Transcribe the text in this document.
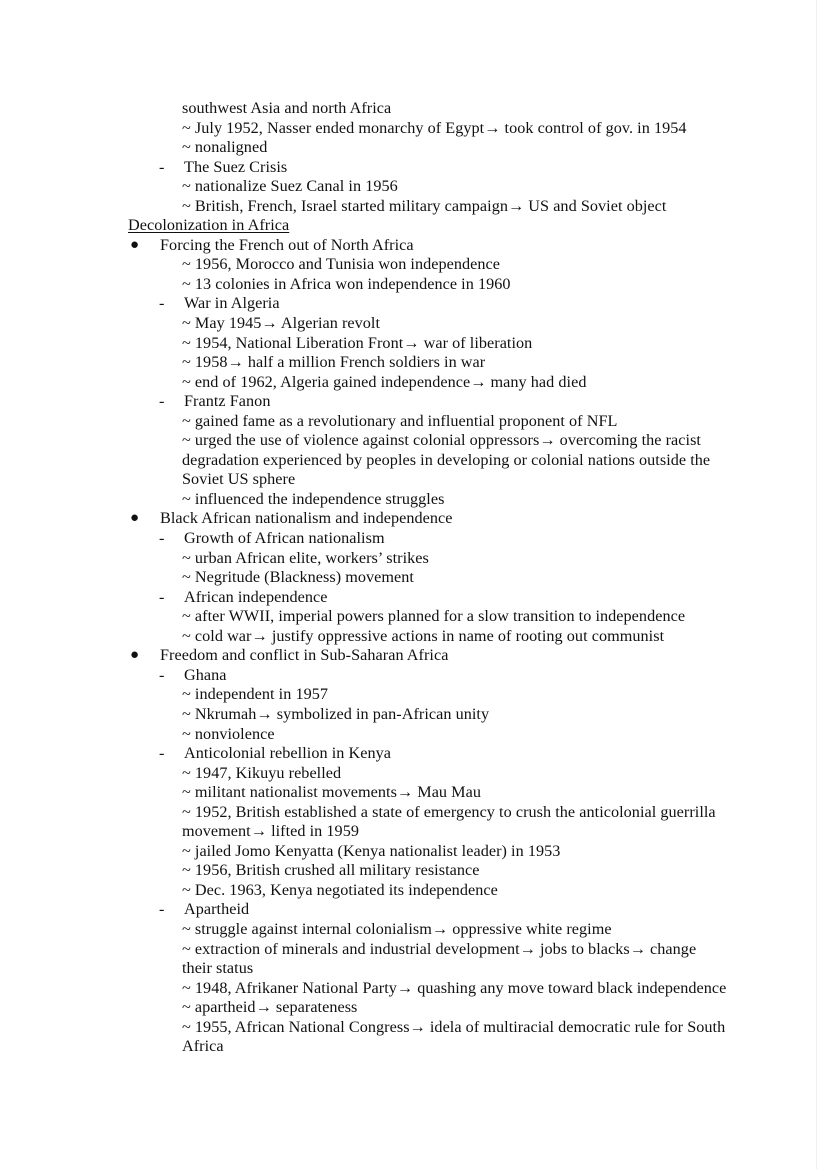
southwest Asia and north Africa
~ July 1952, Nasser ended monarchy of Egypt→ took control of gov. in 1954
~ nonaligned
-	The Suez Crisis
~ nationalize Suez Canal in 1956
~ British, French, Israel started military campaign→ US and Soviet object
Decolonization in Africa
●	Forcing the French out of North Africa
~ 1956, Morocco and Tunisia won independence
~ 13 colonies in Africa won independence in 1960
-	War in Algeria
~ May 1945→ Algerian revolt
~ 1954, National Liberation Front→ war of liberation
~ 1958→ half a million French soldiers in war
~ end of 1962, Algeria gained independence→ many had died
-	Frantz Fanon
~ gained fame as a revolutionary and influential proponent of NFL
~ urged the use of violence against colonial oppressors→ overcoming the racist degradation experienced by peoples in developing or colonial nations outside the Soviet US sphere
~ influenced the independence struggles
●	Black African nationalism and independence
-	Growth of African nationalism
~ urban African elite, workers’ strikes
~ Negritude (Blackness) movement
-	African independence
~ after WWII, imperial powers planned for a slow transition to independence
~ cold war→ justify oppressive actions in name of rooting out communist
●	Freedom and conflict in Sub-Saharan Africa
-	Ghana
~ independent in 1957
~ Nkrumah→ symbolized in pan-African unity
~ nonviolence
-	Anticolonial rebellion in Kenya
~ 1947, Kikuyu rebelled
~ militant nationalist movements→ Mau Mau
~ 1952, British established a state of emergency to crush the anticolonial guerrilla movement→ lifted in 1959
~ jailed Jomo Kenyatta (Kenya nationalist leader) in 1953
~ 1956, British crushed all military resistance
~ Dec. 1963, Kenya negotiated its independence
-	Apartheid
~ struggle against internal colonialism→ oppressive white regime
~ extraction of minerals and industrial development→ jobs to blacks→ change their status
~ 1948, Afrikaner National Party→ quashing any move toward black independence
~ apartheid→ separateness
~ 1955, African National Congress→ idela of multiracial democratic rule for South Africa
